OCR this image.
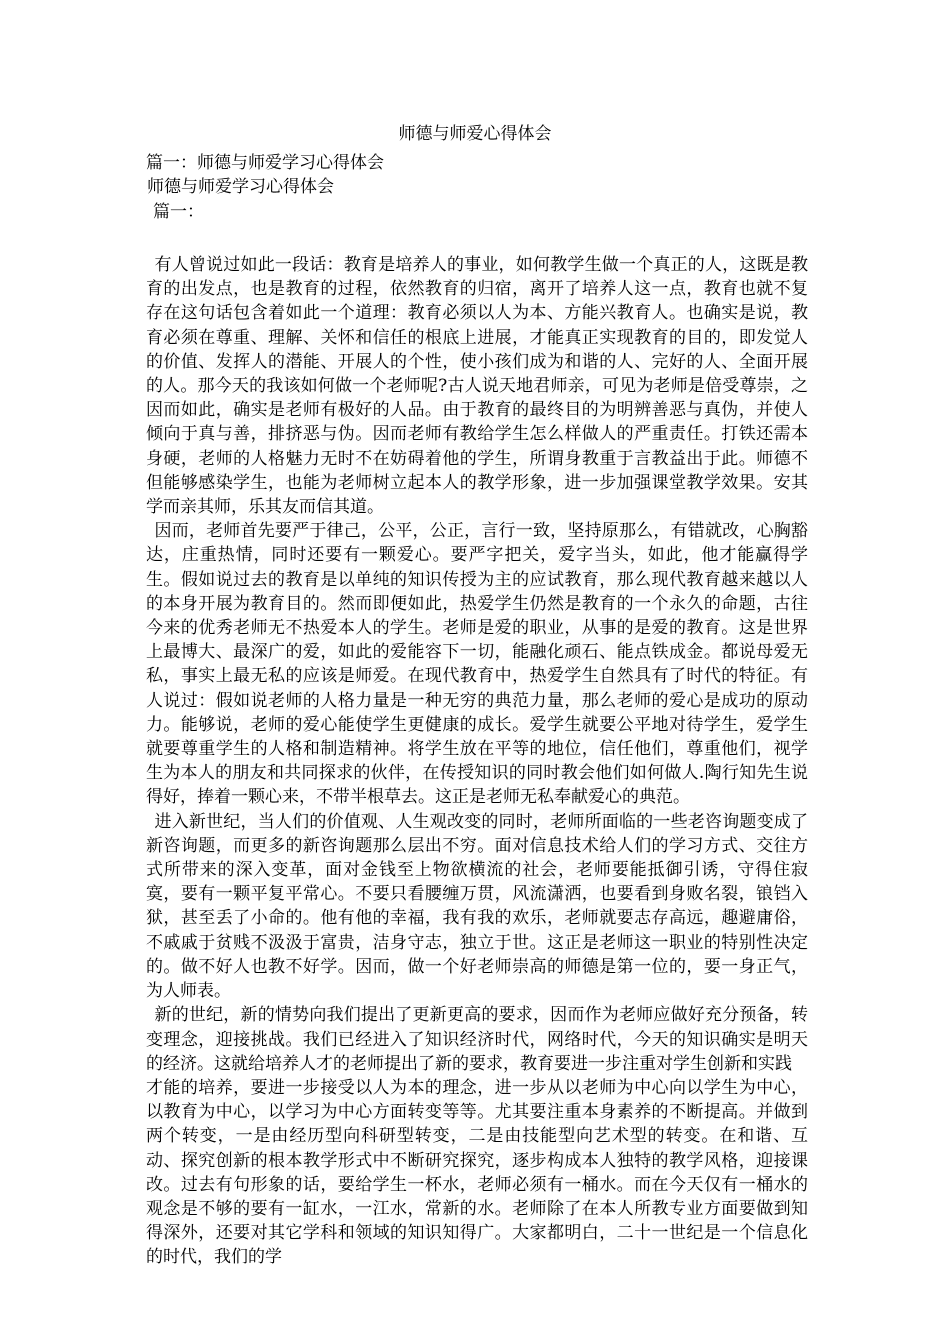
师德与师爱心得体会
篇一：师德与师爱学习心得体会
师德与师爱学习心得体会
篇一：

有人曾说过如此一段话：教育是培养人的事业，如何教学生做一个真正的人，这既是教育的出发点，也是教育的过程，依然教育的归宿，离开了培养人这一点，教育也就不复存在这句话包含着如此一个道理：教育必须以人为本、方能兴教育人。也确实是说，教育必须在尊重、理解、关怀和信任的根底上进展，才能真正实现教育的目的，即发觉人的价值、发挥人的潜能、开展人的个性，使小孩们成为和谐的人、完好的人、全面开展的人。那今天的我该如何做一个老师呢?古人说天地君师亲，可见为老师是倍受尊崇，之因而如此，确实是老师有极好的人品。由于教育的最终目的为明辨善恶与真伪，并使人倾向于真与善，排挤恶与伪。因而老师有教给学生怎么样做人的严重责任。打铁还需本身硬，老师的人格魅力无时不在妨碍着他的学生，所谓身教重于言教益出于此。师德不但能够感染学生，也能为老师树立起本人的教学形象，进一步加强课堂教学效果。安其学而亲其师，乐其友而信其道。

因而，老师首先要严于律己，公平，公正，言行一致，坚持原那么，有错就改，心胸豁达，庄重热情，同时还要有一颗爱心。要严字把关，爱字当头，如此，他才能赢得学生。假如说过去的教育是以单纯的知识传授为主的应试教育，那么现代教育越来越以人的本身开展为教育目的。然而即便如此，热爱学生仍然是教育的一个永久的命题，古往今来的优秀老师无不热爱本人的学生。老师是爱的职业，从事的是爱的教育。这是世界上最博大、最深广的爱，如此的爱能容下一切，能融化顽石、能点铁成金。都说母爱无私，事实上最无私的应该是师爱。在现代教育中，热爱学生自然具有了时代的特征。有人说过：假如说老师的人格力量是一种无穷的典范力量，那么老师的爱心是成功的原动力。能够说，老师的爱心能使学生更健康的成长。爱学生就要公平地对待学生，爱学生就要尊重学生的人格和制造精神。将学生放在平等的地位，信任他们，尊重他们，视学生为本人的朋友和共同探求的伙伴，在传授知识的同时教会他们如何做人.陶行知先生说得好，捧着一颗心来，不带半根草去。这正是老师无私奉献爱心的典范。

进入新世纪，当人们的价值观、人生观改变的同时，老师所面临的一些老咨询题变成了新咨询题，而更多的新咨询题那么层出不穷。面对信息技术给人们的学习方式、交往方式所带来的深入变革，面对金钱至上物欲横流的社会，老师要能抵御引诱，守得住寂寞，要有一颗平复平常心。不要只看腰缠万贯，风流潇洒，也要看到身败名裂，锒铛入狱，甚至丢了小命的。他有他的幸福，我有我的欢乐，老师就要志存高远，趣避庸俗，不戚戚于贫贱不汲汲于富贵，洁身守志，独立于世。这正是老师这一职业的特别性决定的。做不好人也教不好学。因而，做一个好老师崇高的师德是第一位的，要一身正气，为人师表。

新的世纪，新的情势向我们提出了更新更高的要求，因而作为老师应做好充分预备，转变理念，迎接挑战。我们已经进入了知识经济时代，网络时代，今天的知识确实是明天的经济。这就给培养人才的老师提出了新的要求，教育要进一步注重对学生创新和实践

才能的培养，要进一步接受以人为本的理念，进一步从以老师为中心向以学生为中心，以教育为中心，以学习为中心方面转变等等。尤其要注重本身素养的不断提高。并做到两个转变，一是由经历型向科研型转变，二是由技能型向艺术型的转变。在和谐、互动、探究创新的根本教学形式中不断研究探究，逐步构成本人独特的教学风格，迎接课改。过去有句形象的话，要给学生一杯水，老师必须有一桶水。而在今天仅有一桶水的观念是不够的要有一缸水，一江水，常新的水。老师除了在本人所教专业方面要做到知得深外，还要对其它学科和领域的知识知得广。大家都明白，二十一世纪是一个信息化的时代，我们的学
